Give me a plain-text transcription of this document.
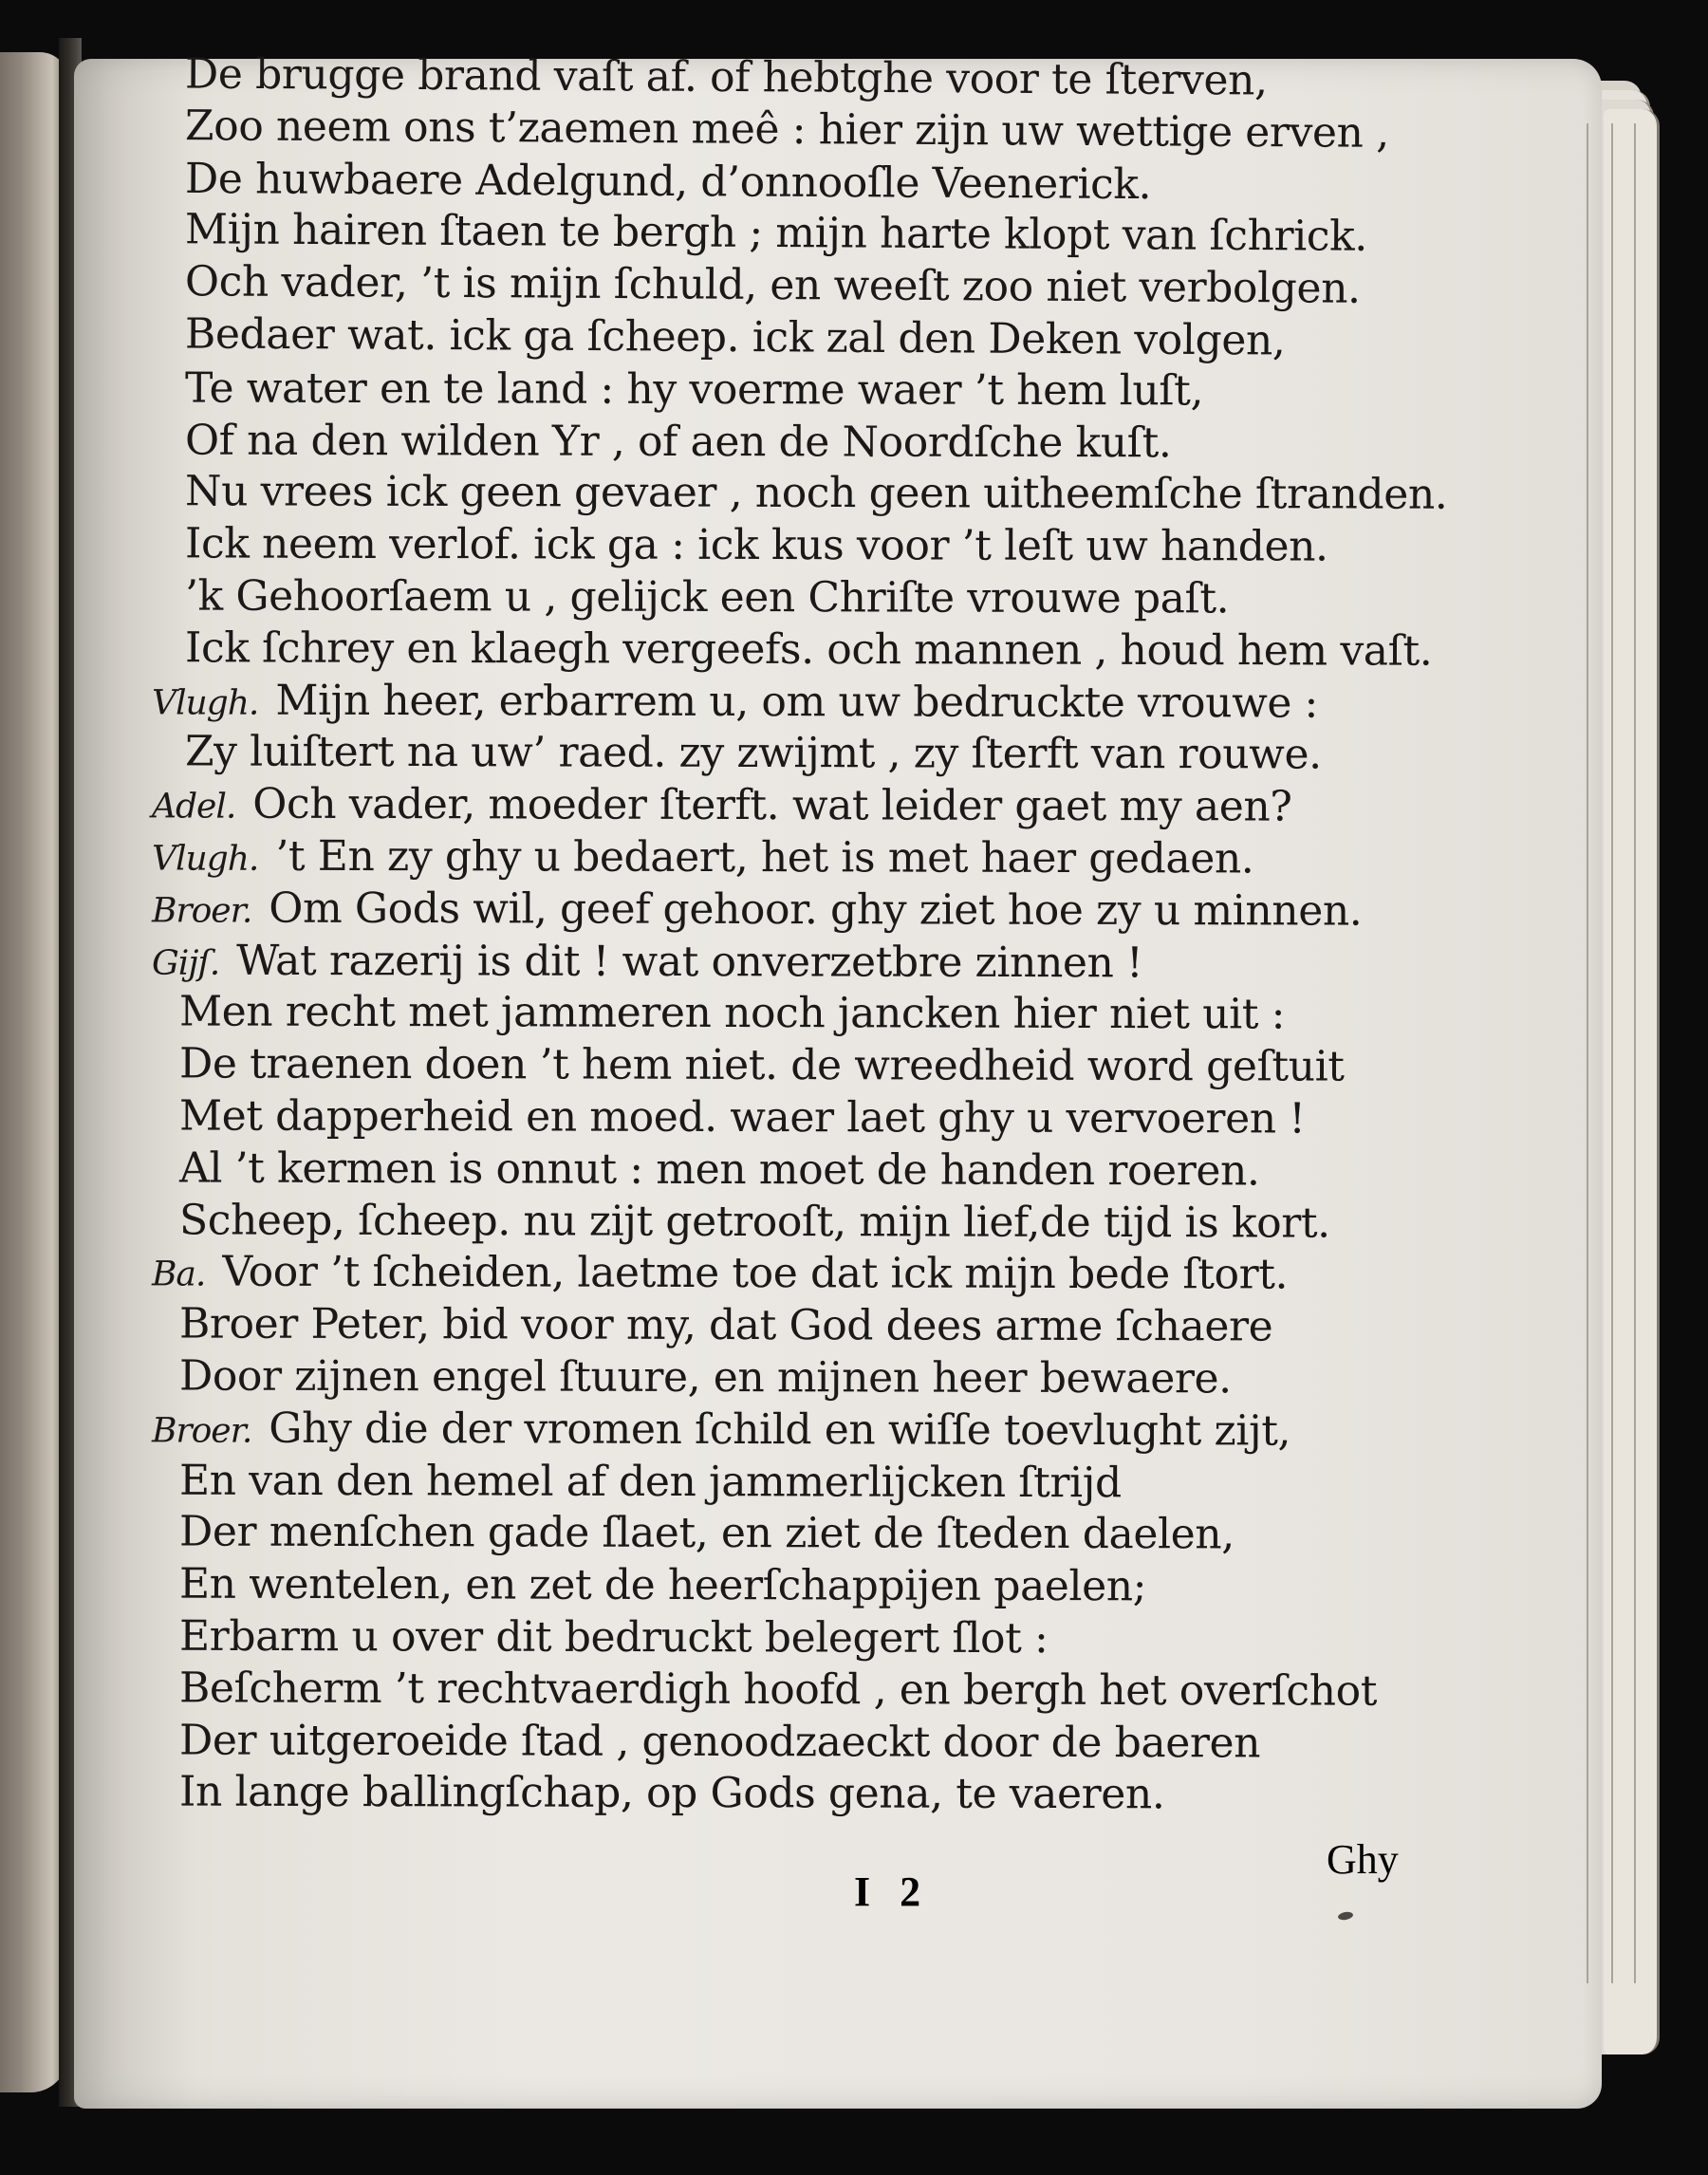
De brugge brand vaſt af. of hebtghe voor te ſterven,
Zoo neem ons t’zaemen meê : hier zijn uw wettige erven ,
De huwbaere Adelgund, d’onnooſle Veenerick.
Mijn hairen ſtaen te bergh ; mijn harte klopt van ſchrick.
Och vader, ’t is mijn ſchuld, en weeſt zoo niet verbolgen.
Bedaer wat. ick ga ſcheep. ick zal den Deken volgen,
Te water en te land : hy voerme waer ’t hem luſt,
Of na den wilden Yr , of aen de Noordſche kuſt.
Nu vrees ick geen gevaer , noch geen uitheemſche ſtranden.
Ick neem verlof. ick ga : ick kus voor ’t leſt uw handen.
’k Gehoorſaem u , gelijck een Chriſte vrouwe paſt.
Ick ſchrey en klaegh vergeefs. och mannen , houd hem vaſt.
Vlugh. Mijn heer, erbarrem u, om uw bedruckte vrouwe :
Zy luiſtert na uw’ raed. zy zwijmt , zy ſterft van rouwe.
Adel. Och vader, moeder ſterft. wat leider gaet my aen?
Vlugh. ’t En zy ghy u bedaert, het is met haer gedaen.
Broer. Om Gods wil, geef gehoor. ghy ziet hoe zy u minnen.
Gijſ. Wat razerij is dit ! wat onverzetbre zinnen !
Men recht met jammeren noch jancken hier niet uit :
De traenen doen ’t hem niet. de wreedheid word geſtuit
Met dapperheid en moed. waer laet ghy u vervoeren !
Al ’t kermen is onnut : men moet de handen roeren.
Scheep, ſcheep. nu zijt getrooſt, mijn lief,de tijd is kort.
Ba. Voor ’t ſcheiden, laetme toe dat ick mijn bede ſtort.
Broer Peter, bid voor my, dat God dees arme ſchaere
Door zijnen engel ſtuure, en mijnen heer bewaere.
Broer. Ghy die der vromen ſchild en wiſſe toevlught zijt,
En van den hemel af den jammerlijcken ſtrijd
Der menſchen gade ſlaet, en ziet de ſteden daelen,
En wentelen, en zet de heerſchappijen paelen;
Erbarm u over dit bedruckt belegert ſlot :
Beſcherm ’t rechtvaerdigh hoofd , en bergh het overſchot
Der uitgeroeide ſtad , genoodzaeckt door de baeren
In lange ballingſchap, op Gods gena, te vaeren.
Ghy
I 2
